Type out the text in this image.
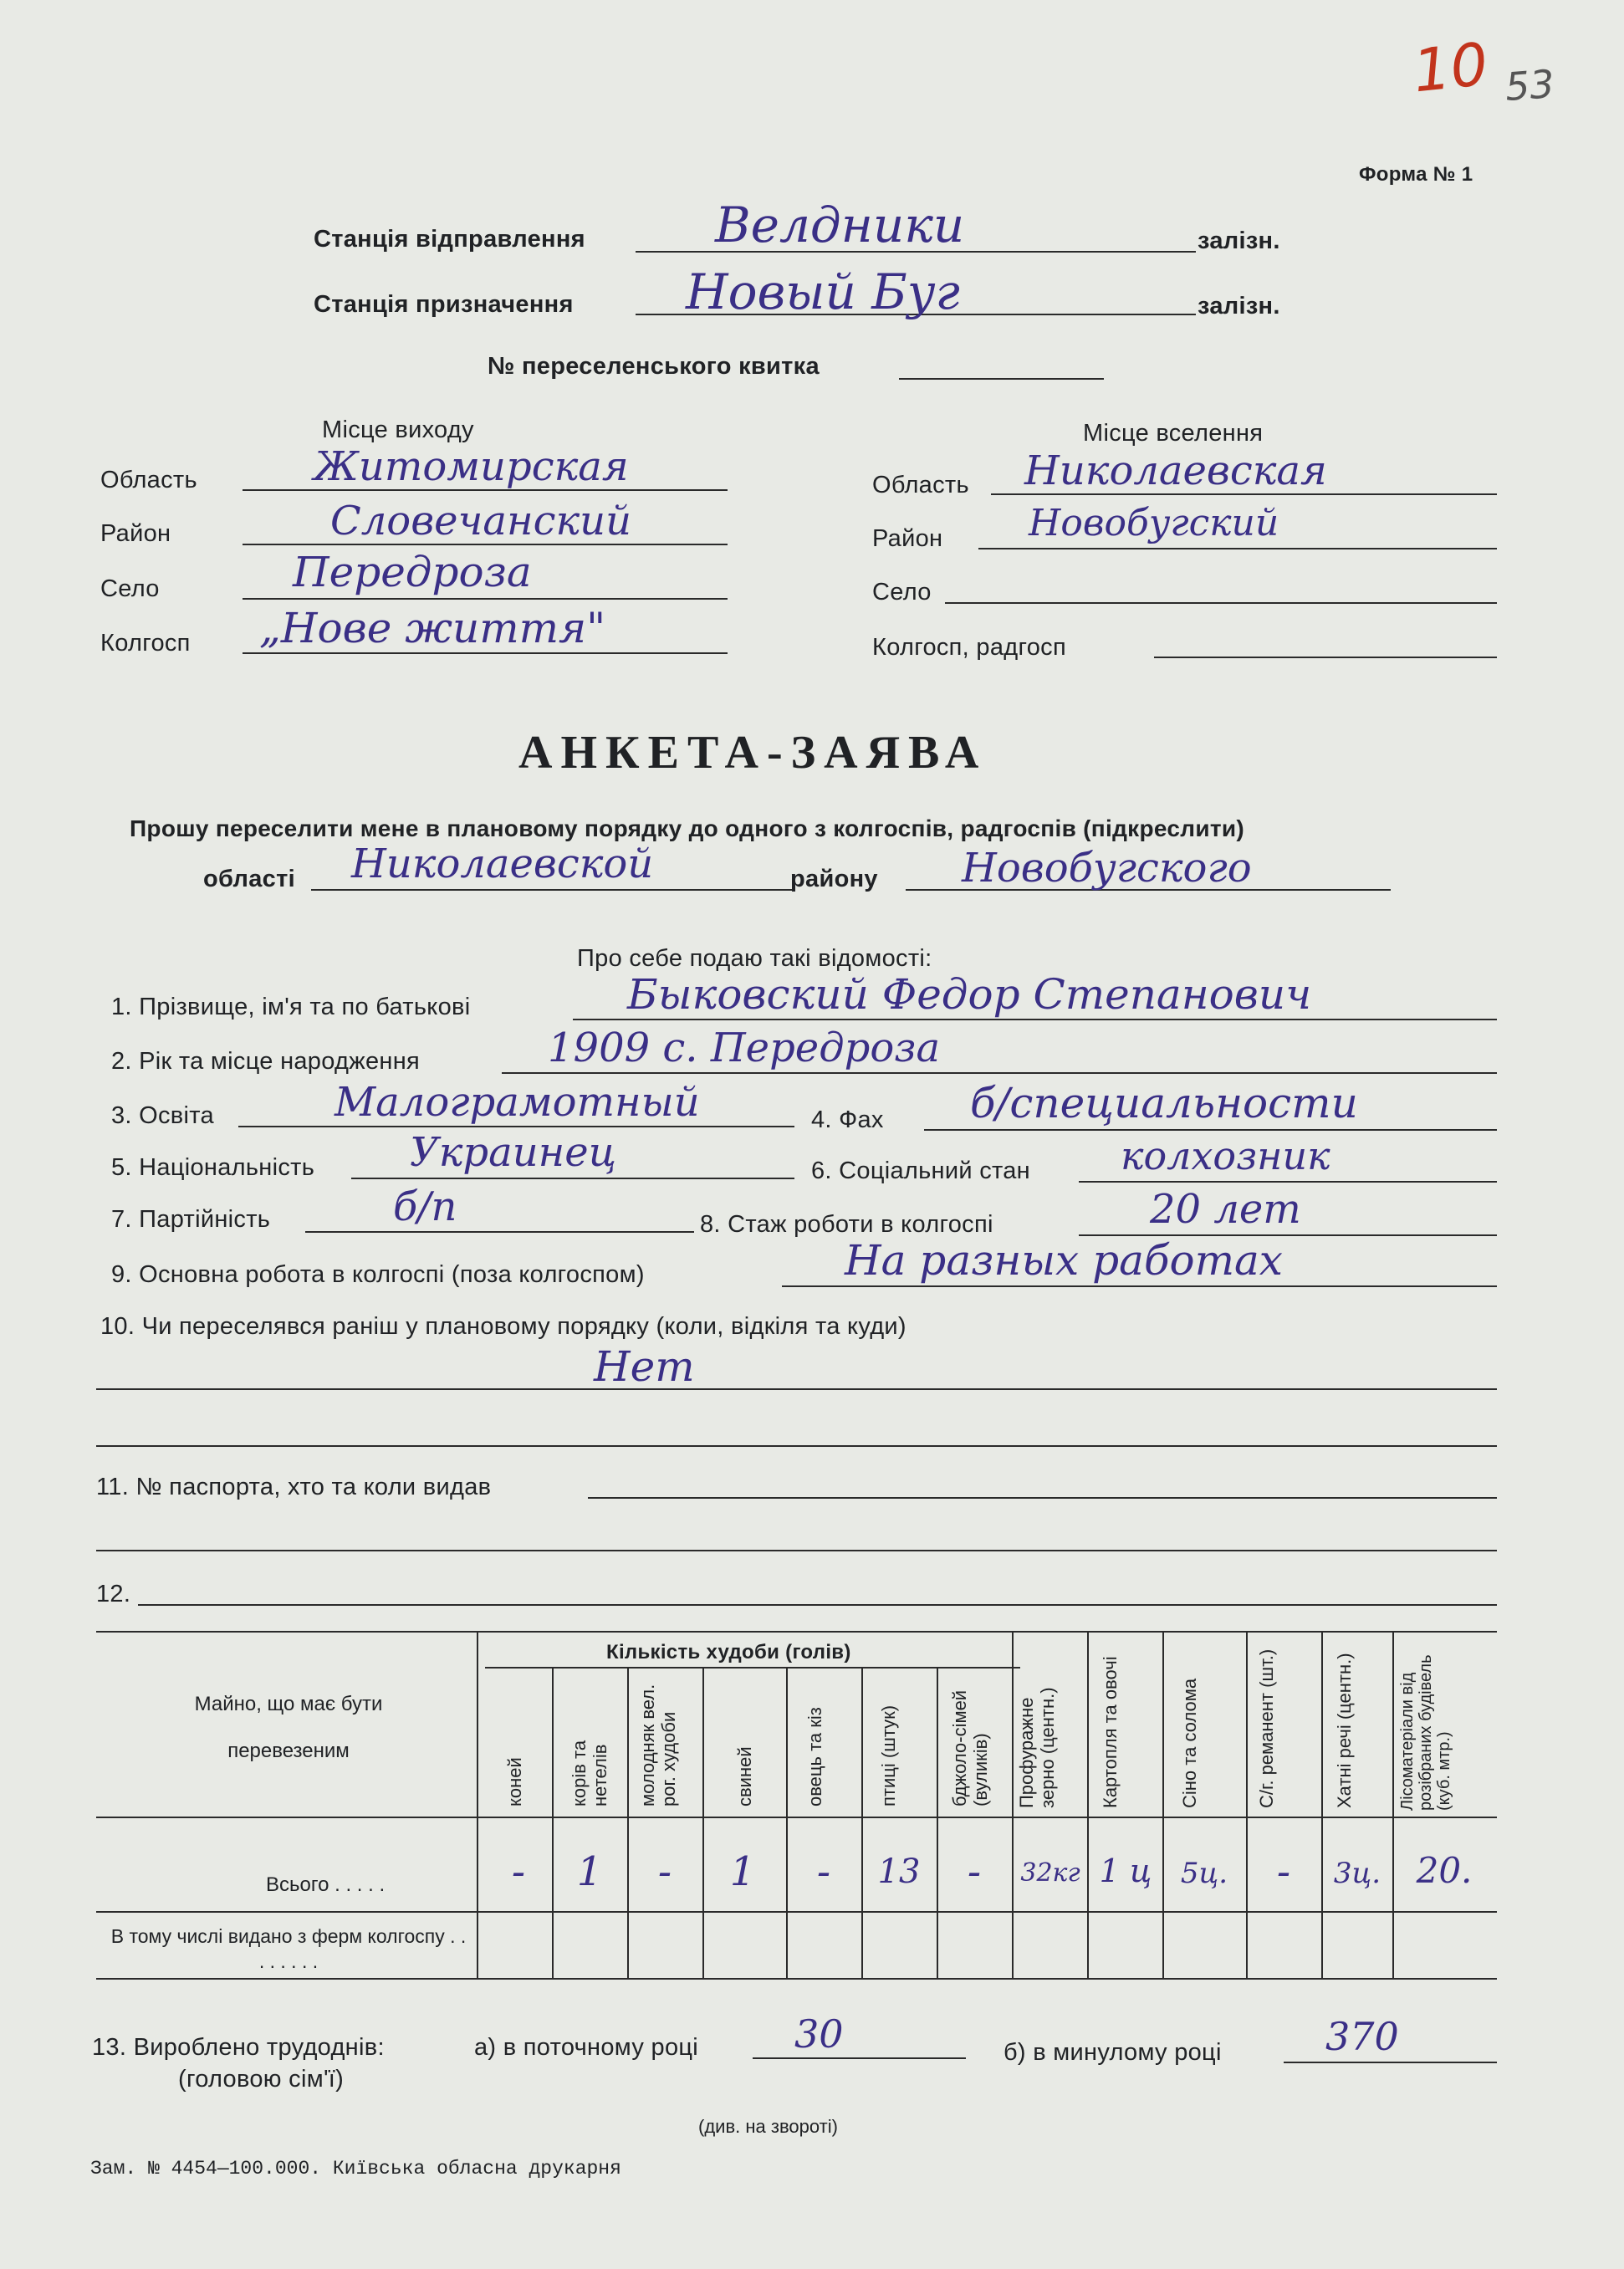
10 53
Форма № 1
Станція відправлення	Велдники	залізн.
Станція призначення Новый Буг	залізн.
№ переселенського квитка
Місце виходу
Область	Житомирская
Район	Словечанский
Село	Передроза
Колгосп „Нове життя"
Місце вселення
Область Николаевская
Район Новобугский
Село
Колгосп, радгосп
АНКЕТА-ЗАЯВА
Прошу переселити мене в плановому порядку до одного з колгоспів, радгоспів (підкреслити)
області Николаевской	району Новобугского
Про себе подаю такі відомості:
1. Прізвище, ім'я та по батькові	Быковский Федор Степанович
2. Рік та місце народження	1909 с. Передроза
3. Освіта	Малограмотный	4. Фах б/специальности
5. Національність Украинец	6. Соціальний стан колхозник
7. Партійність	б/п	8. Стаж роботи в колгоспі	20 лет
9. Основна робота в колгоспі (поза колгоспом)	На разных работах
10. Чи переселявся раніш у плановому порядку (коли, відкіля та куди)
Нет
11. № паспорта, хто та коли видав
12.
Майно, що має бути перевезеним
Кількість худоби (голів)
коней корів та нетелів молодняк вел. рог. худоби	свиней	овець та кіз	птиці (штук)	бджоло-сімей (вуликів) Профуражне зерно (центн.) Картопля та овочі	Сіно та солома	С/г. реманент (шт.)	Хатні речі (центн.)	Лісоматеріали від розібраних будівель (куб. мтр.)
Всього . . . . .	-	1	-	1	-	13	-	32кг 1 ц	5ц.	-	3ц.	20.
В тому числі видано з ферм колгоспу . . . . . . . .
13. Вироблено трудоднів:
(головою сім'ї)
а) в поточному році 30	б) в минулому році	370
(див. на звороті)
Зам. № 4454—100.000. Київська обласна друкарня
